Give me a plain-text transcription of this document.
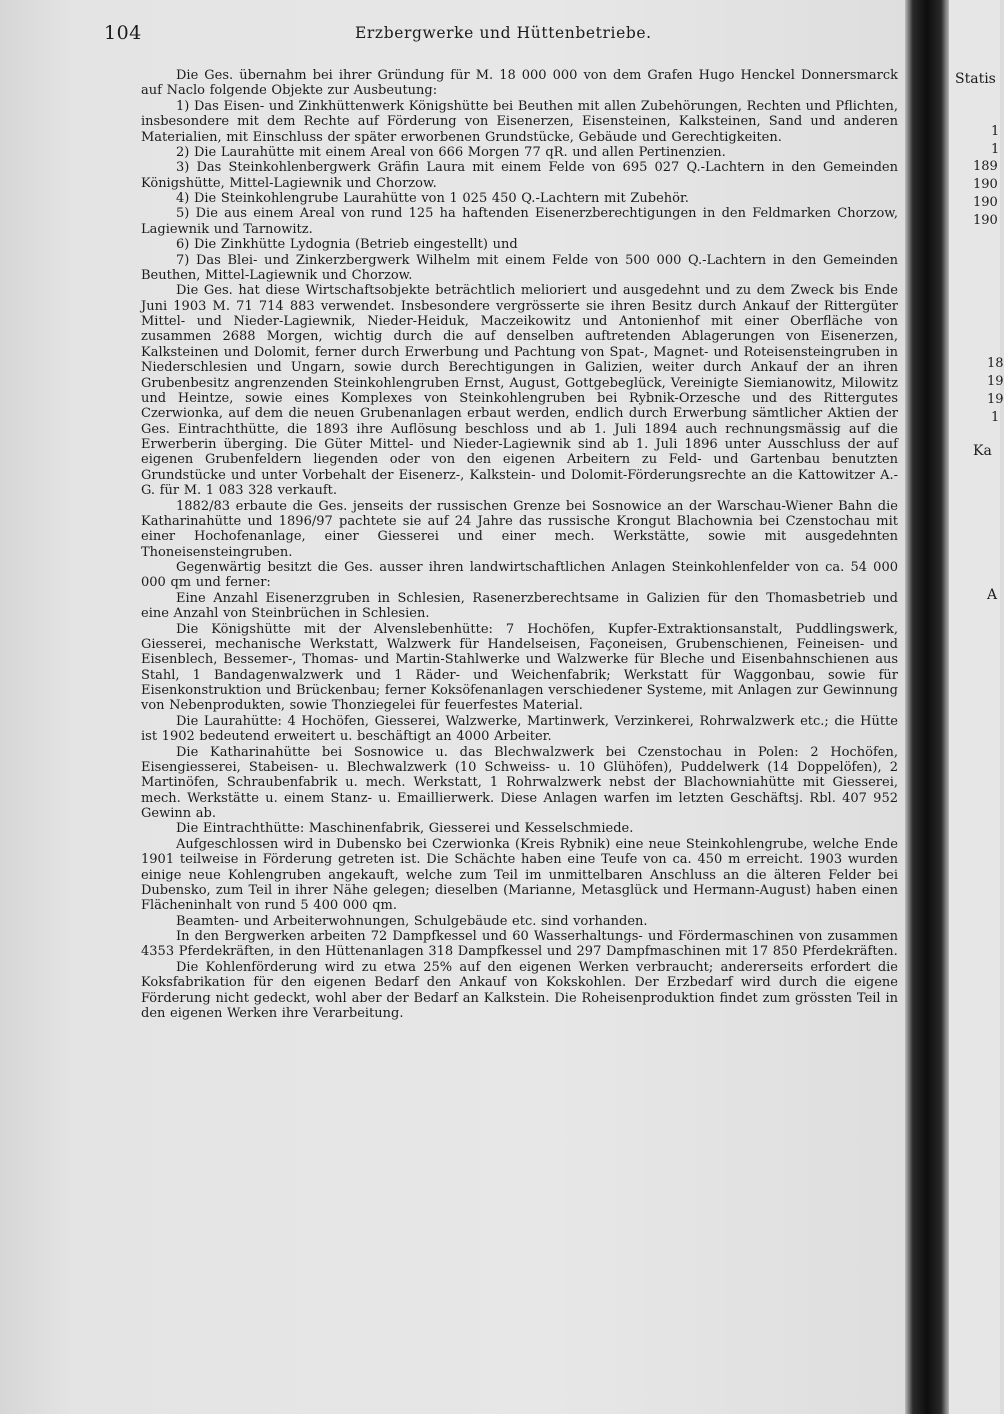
104	Erzbergwerke und Hüttenbetriebe.

Die Ges. übernahm bei ihrer Gründung für M. 18 000 000 von dem Grafen Hugo Henckel Donnersmarck auf Naclo folgende Objekte zur Ausbeutung:

1) Das Eisen- und Zinkhüttenwerk Königshütte bei Beuthen mit allen Zubehörungen, Rechten und Pflichten, insbesondere mit dem Rechte auf Förderung von Eisenerzen, Eisensteinen, Kalksteinen, Sand und anderen Materialien, mit Einschluss der später erworbenen Grundstücke, Gebäude und Gerechtigkeiten.

2) Die Laurahütte mit einem Areal von 666 Morgen 77 qR. und allen Pertinenzien.

3) Das Steinkohlenbergwerk Gräfin Laura mit einem Felde von 695 027 Q.-Lachtern in den Gemeinden Königshütte, Mittel-Lagiewnik und Chorzow.

4) Die Steinkohlengrube Laurahütte von 1 025 450 Q.-Lachtern mit Zubehör.

5) Die aus einem Areal von rund 125 ha haftenden Eisenerzberechtigungen in den Feldmarken Chorzow, Lagiewnik und Tarnowitz.

6) Die Zinkhütte Lydognia (Betrieb eingestellt) und

7) Das Blei- und Zinkerzbergwerk Wilhelm mit einem Felde von 500 000 Q.-Lachtern in den Gemeinden Beuthen, Mittel-Lagiewnik und Chorzow.

Die Ges. hat diese Wirtschaftsobjekte beträchtlich melioriert und ausgedehnt und zu dem Zweck bis Ende Juni 1903 M. 71 714 883 verwendet. Insbesondere vergrösserte sie ihren Besitz durch Ankauf der Rittergüter Mittel- und Nieder-Lagiewnik, Nieder-Heiduk, Maczeikowitz und Antonienhof mit einer Oberfläche von zusammen 2688 Morgen, wichtig durch die auf denselben auftretenden Ablagerungen von Eisenerzen, Kalksteinen und Dolomit, ferner durch Erwerbung und Pachtung von Spat-, Magnet- und Roteisensteingruben in Niederschlesien und Ungarn, sowie durch Berechtigungen in Galizien, weiter durch Ankauf der an ihren Grubenbesitz angrenzenden Steinkohlengruben Ernst, August, Gottgebeglück, Vereinigte Siemianowitz, Milowitz und Heintze, sowie eines Komplexes von Steinkohlengruben bei Rybnik-Orzesche und des Rittergutes Czerwionka, auf dem die neuen Grubenanlagen erbaut werden, endlich durch Erwerbung sämtlicher Aktien der Ges. Eintrachthütte, die 1893 ihre Auflösung beschloss und ab 1. Juli 1894 auch rechnungsmässig auf die Erwerberin überging. Die Güter Mittel- und Nieder-Lagiewnik sind ab 1. Juli 1896 unter Ausschluss der auf eigenen Grubenfeldern liegenden oder von den eigenen Arbeitern zu Feld- und Gartenbau benutzten Grundstücke und unter Vorbehalt der Eisenerz-, Kalkstein- und Dolomit-Förderungsrechte an die Kattowitzer A.-G. für M. 1 083 328 verkauft.

1882/83 erbaute die Ges. jenseits der russischen Grenze bei Sosnowice an der Warschau-Wiener Bahn die Katharinahütte und 1896/97 pachtete sie auf 24 Jahre das russische Krongut Blachownia bei Czenstochau mit einer Hochofenanlage, einer Giesserei und einer mech. Werkstätte, sowie mit ausgedehnten Thoneisensteingruben.

Gegenwärtig besitzt die Ges. ausser ihren landwirtschaftlichen Anlagen Steinkohlenfelder von ca. 54 000 000 qm und ferner:

Eine Anzahl Eisenerzgruben in Schlesien, Rasenerzberechtsame in Galizien für den Thomasbetrieb und eine Anzahl von Steinbrüchen in Schlesien.

Die Königshütte mit der Alvenslebenhütte: 7 Hochöfen, Kupfer-Extraktionsanstalt, Puddlingswerk, Giesserei, mechanische Werkstatt, Walzwerk für Handelseisen, Façoneisen, Grubenschienen, Feineisen- und Eisenblech, Bessemer-, Thomas- und Martin-Stahlwerke und Walzwerke für Bleche und Eisenbahnschienen aus Stahl, 1 Bandagenwalzwerk und 1 Räder- und Weichenfabrik; Werkstatt für Waggonbau, sowie für Eisenkonstruktion und Brückenbau; ferner Koksöfenanlagen verschiedener Systeme, mit Anlagen zur Gewinnung von Nebenprodukten, sowie Thonziegelei für feuerfestes Material.

Die Laurahütte: 4 Hochöfen, Giesserei, Walzwerke, Martinwerk, Verzinkerei, Rohrwalzwerk etc.; die Hütte ist 1902 bedeutend erweitert u. beschäftigt an 4000 Arbeiter.

Die Katharinahütte bei Sosnowice u. das Blechwalzwerk bei Czenstochau in Polen: 2 Hochöfen, Eisengiesserei, Stabeisen- u. Blechwalzwerk (10 Schweiss- u. 10 Glühöfen), Puddelwerk (14 Doppelöfen), 2 Martinöfen, Schraubenfabrik u. mech. Werkstatt, 1 Rohrwalzwerk nebst der Blachowniahütte mit Giesserei, mech. Werkstätte u. einem Stanz- u. Emaillierwerk. Diese Anlagen warfen im letzten Geschäftsj. Rbl. 407 952 Gewinn ab.

Die Eintrachthütte: Maschinenfabrik, Giesserei und Kesselschmiede.

Aufgeschlossen wird in Dubensko bei Czerwionka (Kreis Rybnik) eine neue Steinkohlengrube, welche Ende 1901 teilweise in Förderung getreten ist. Die Schächte haben eine Teufe von ca. 450 m erreicht. 1903 wurden einige neue Kohlengruben angekauft, welche zum Teil im unmittelbaren Anschluss an die älteren Felder bei Dubensko, zum Teil in ihrer Nähe gelegen; dieselben (Marianne, Metasglück und Hermann-August) haben einen Flächeninhalt von rund 5 400 000 qm.

Beamten- und Arbeiterwohnungen, Schulgebäude etc. sind vorhanden.

In den Bergwerken arbeiten 72 Dampfkessel und 60 Wasserhaltungs- und Fördermaschinen von zusammen 4353 Pferdekräften, in den Hüttenanlagen 318 Dampfkessel und 297 Dampfmaschinen mit 17 850 Pferdekräften.

Die Kohlenförderung wird zu etwa 25% auf den eigenen Werken verbraucht; andererseits erfordert die Koksfabrikation für den eigenen Bedarf den Ankauf von Kokskohlen. Der Erzbedarf wird durch die eigene Förderung nicht gedeckt, wohl aber der Bedarf an Kalkstein. Die Roheisenproduktion findet zum grössten Teil in den eigenen Werken ihre Verarbeitung.

Statis
1
1
189
190
190
190
18
19
19
1
Ka
A
